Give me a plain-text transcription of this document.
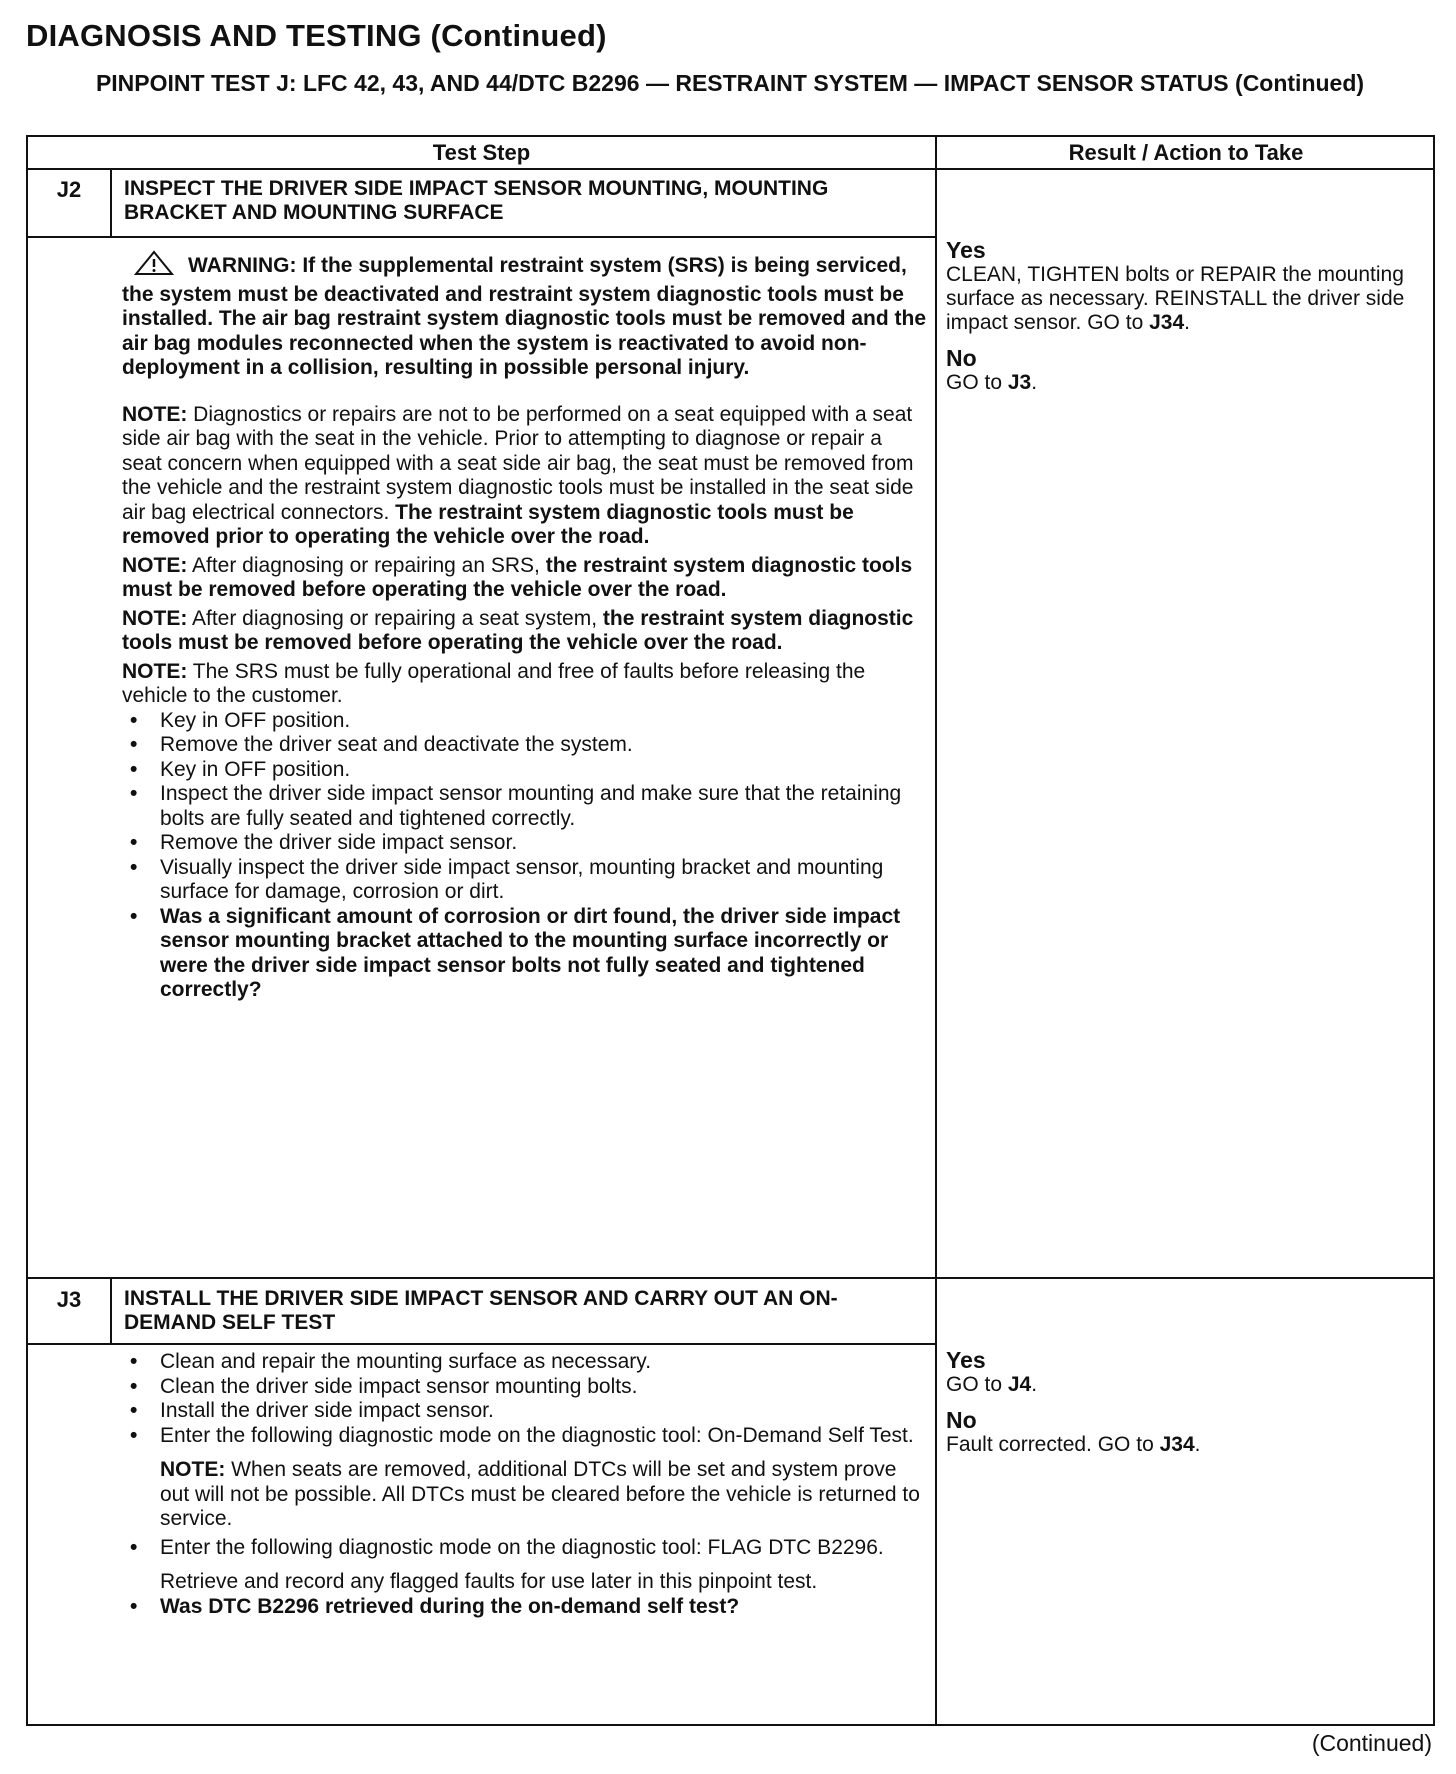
DIAGNOSIS AND TESTING (Continued)
PINPOINT TEST J: LFC 42, 43, AND 44/DTC B2296 — RESTRAINT SYSTEM — IMPACT SENSOR STATUS (Continued)
Test Step	Result / Action to Take
J2	INSPECT THE DRIVER SIDE IMPACT SENSOR MOUNTING, MOUNTING BRACKET AND MOUNTING SURFACE

WARNING: If the supplemental restraint system (SRS) is being serviced, the system must be deactivated and restraint system diagnostic tools must be installed. The air bag restraint system diagnostic tools must be removed and the air bag modules reconnected when the system is reactivated to avoid non-deployment in a collision, resulting in possible personal injury.

NOTE: Diagnostics or repairs are not to be performed on a seat equipped with a seat side air bag with the seat in the vehicle. Prior to attempting to diagnose or repair a seat concern when equipped with a seat side air bag, the seat must be removed from the vehicle and the restraint system diagnostic tools must be installed in the seat side air bag electrical connectors. The restraint system diagnostic tools must be removed prior to operating the vehicle over the road.

NOTE: After diagnosing or repairing an SRS, the restraint system diagnostic tools must be removed before operating the vehicle over the road.

NOTE: After diagnosing or repairing a seat system, the restraint system diagnostic tools must be removed before operating the vehicle over the road.

NOTE: The SRS must be fully operational and free of faults before releasing the vehicle to the customer.

• Key in OFF position.
• Remove the driver seat and deactivate the system.
• Key in OFF position.
• Inspect the driver side impact sensor mounting and make sure that the retaining bolts are fully seated and tightened correctly.
• Remove the driver side impact sensor.
• Visually inspect the driver side impact sensor, mounting bracket and mounting surface for damage, corrosion or dirt.
• Was a significant amount of corrosion or dirt found, the driver side impact sensor mounting bracket attached to the mounting surface incorrectly or were the driver side impact sensor bolts not fully seated and tightened correctly?
Yes
CLEAN, TIGHTEN bolts or REPAIR the mounting surface as necessary. REINSTALL the driver side impact sensor. GO to J34.
No
GO to J3.
J3	INSTALL THE DRIVER SIDE IMPACT SENSOR AND CARRY OUT AN ON-DEMAND SELF TEST
• Clean and repair the mounting surface as necessary.
• Clean the driver side impact sensor mounting bolts.
• Install the driver side impact sensor.
• Enter the following diagnostic mode on the diagnostic tool: On-Demand Self Test.

NOTE: When seats are removed, additional DTCs will be set and system prove out will not be possible. All DTCs must be cleared before the vehicle is returned to service.

• Enter the following diagnostic mode on the diagnostic tool: FLAG DTC B2296.

Retrieve and record any flagged faults for use later in this pinpoint test.

• Was DTC B2296 retrieved during the on-demand self test?
Yes
GO to J4.
No
Fault corrected. GO to J34.
(Continued)
